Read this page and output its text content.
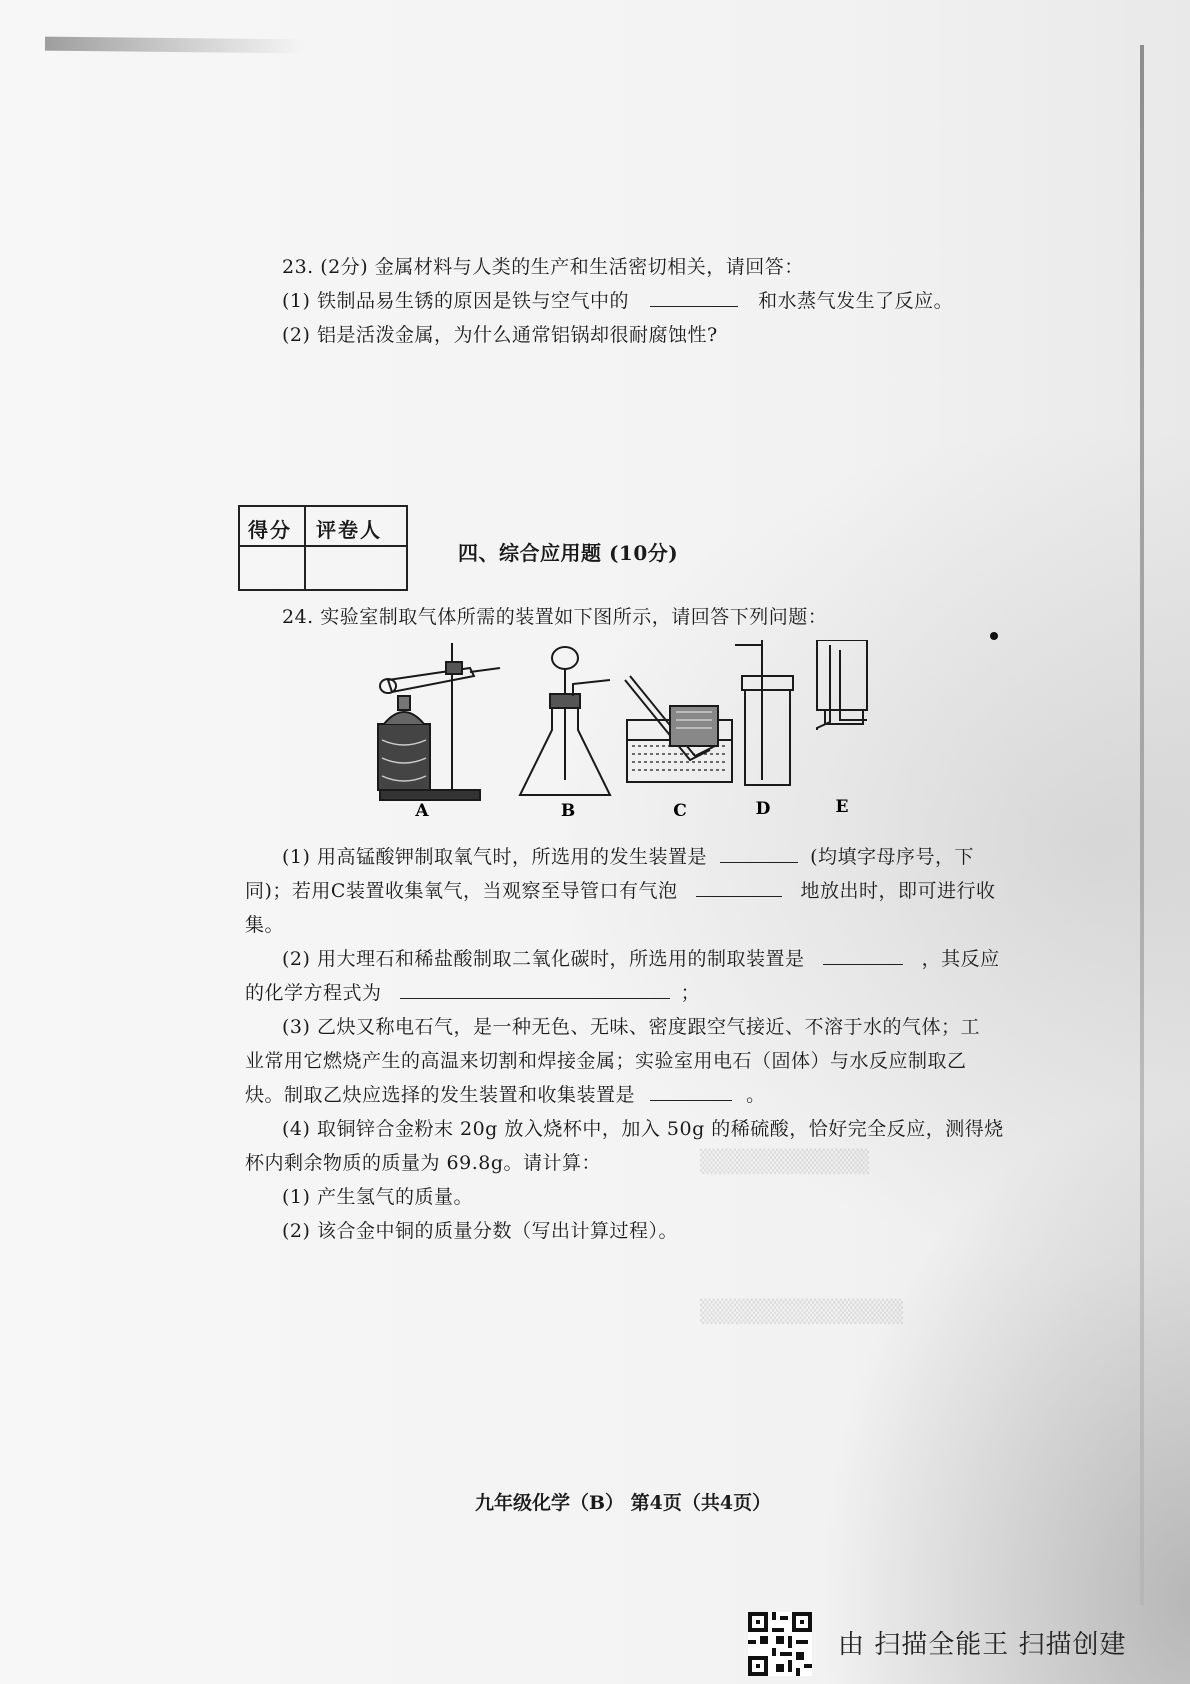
23. (2分) 金属材料与人类的生产和生活密切相关，请回答：
(1) 铁制品易生锈的原因是铁与空气中的	和水蒸气发生了反应。
(2) 铝是活泼金属，为什么通常铝锅却很耐腐蚀性?
得分 评卷人
四、综合应用题 (10分)
24. 实验室制取气体所需的装置如下图所示，请回答下列问题：
A	B	C	D	E
(1) 用高锰酸钾制取氧气时，所选用的发生装置是	(均填字母序号，下
同)；若用C装置收集氧气，当观察至导管口有气泡	地放出时，即可进行收
集。
(2) 用大理石和稀盐酸制取二氧化碳时，所选用的制取装置是	，其反应
的化学方程式为	；
(3) 乙炔又称电石气，是一种无色、无味、密度跟空气接近、不溶于水的气体；工
业常用它燃烧产生的高温来切割和焊接金属；实验室用电石（固体）与水反应制取乙
炔。制取乙炔应选择的发生装置和收集装置是	。
(4) 取铜锌合金粉末 20g 放入烧杯中，加入 50g 的稀硫酸，恰好完全反应，测得烧
杯内剩余物质的质量为 69.8g。请计算：
(1) 产生氢气的质量。
(2) 该合金中铜的质量分数（写出计算过程）。
▒▒▒▒▒▒▒▒▒▒
▒▒▒▒▒▒▒▒▒▒▒▒
九年级化学（B） 第4页（共4页）
由 扫描全能王 扫描创建
